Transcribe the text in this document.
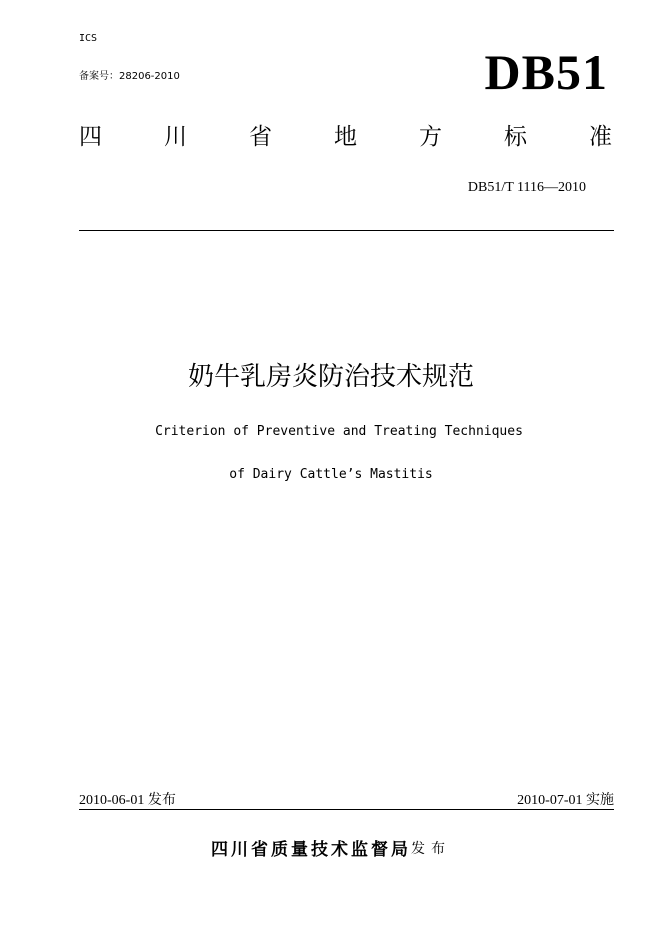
ICS
备案号：28206-2010	DB51
四	川	省	地	方	标	准
DB51/T 1116—2010
奶牛乳房炎防治技术规范
Criterion of Preventive and Treating Techniques
of Dairy Cattle’s Mastitis
2010-06-01 发布	2010-07-01 实施
四川省质量技术监督局发布
